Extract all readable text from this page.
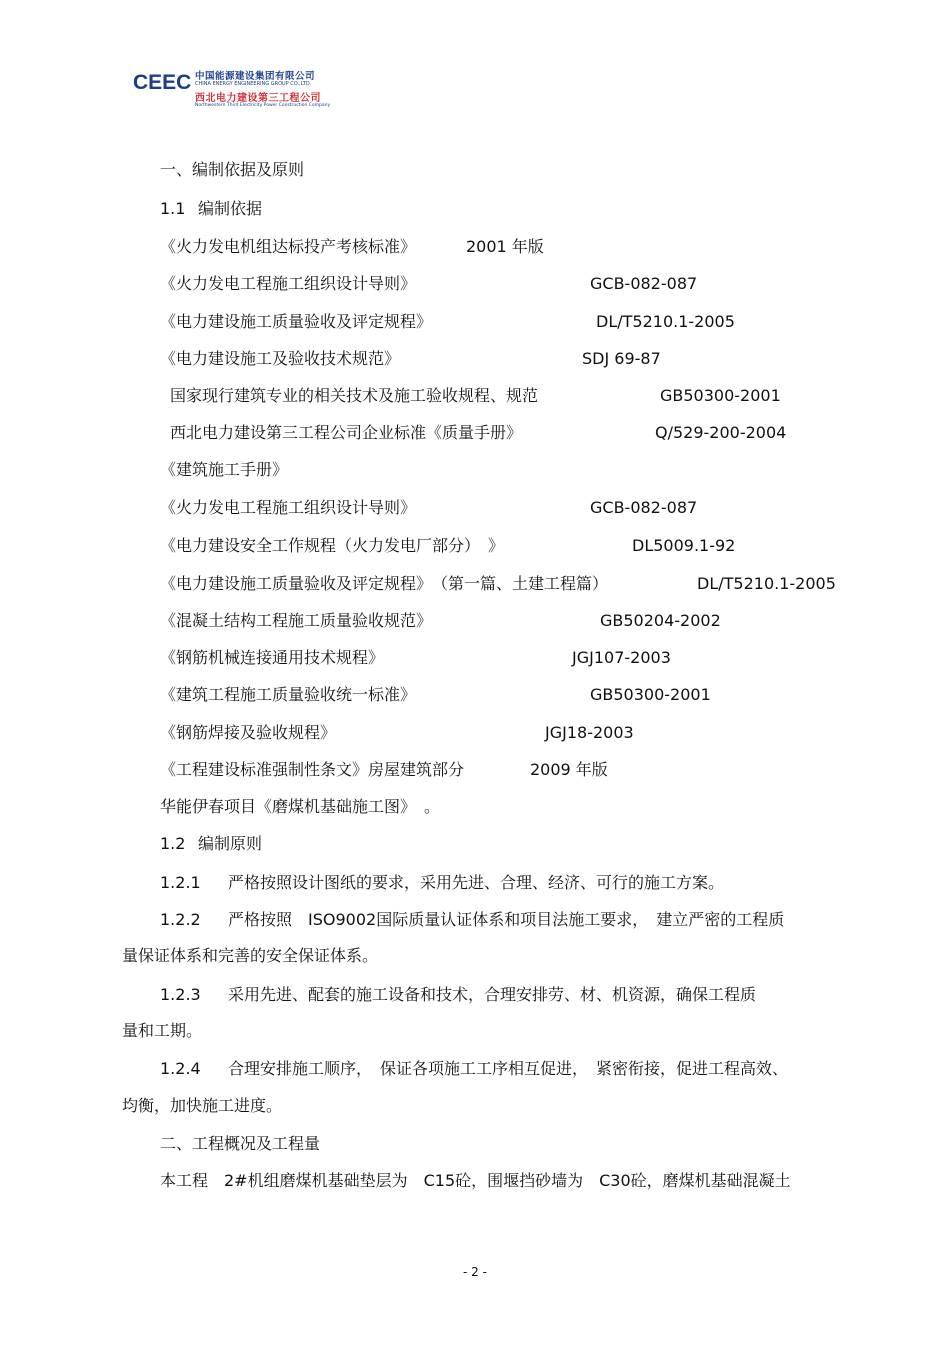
CEEC 中国能源建设集团有限公司
CHINA ENERGY ENGINEERING GROUP CO.,LTD.
西北电力建设第三工程公司
Northwestern Third Electricity Power Construction Company
一、编制依据及原则
1.1 编制依据
《火力发电机组达标投产考核标准》	2001 年版
《火力发电工程施工组织设计导则》	GCB-082-087
《电力建设施工质量验收及评定规程》	DL/T5210.1-2005
《电力建设施工及验收技术规范》	SDJ 69-87
国家现行建筑专业的相关技术及施工验收规程、规范	GB50300-2001
西北电力建设第三工程公司企业标准《质量手册》	Q/529-200-2004
《建筑施工手册》
《火力发电工程施工组织设计导则》	GCB-082-087
《电力建设安全工作规程（火力发电厂部分）　》	DL5009.1-92
《电力建设施工质量验收及评定规程》　（第一篇、土建工程篇）	DL/T5210.1-2005
《混凝土结构工程施工质量验收规范》	GB50204-2002
《钢筋机械连接通用技术规程》	JGJ107-2003
《建筑工程施工质量验收统一标准》	GB50300-2001
《钢筋焊接及验收规程》	JGJ18-2003
《工程建设标准强制性条文》房屋建筑部分	2009 年版
华能伊春项目《磨煤机基础施工图》　。
1.2 编制原则
1.2.1 严格按照设计图纸的要求，采用先进、合理、经济、可行的施工方案。
1.2.2 严格按照　ISO9002国际质量认证体系和项目法施工要求，　建立严密的工程质
量保证体系和完善的安全保证体系。
1.2.3 采用先进、配套的施工设备和技术，合理安排劳、材、机资源，确保工程质
量和工期。
1.2.4 合理安排施工顺序，　保证各项施工工序相互促进，　紧密衔接，促进工程高效、
均衡，加快施工进度。
二、工程概况及工程量
本工程　2#机组磨煤机基础垫层为　C15砼，围堰挡砂墙为　C30砼，磨煤机基础混凝土
- 2 -
